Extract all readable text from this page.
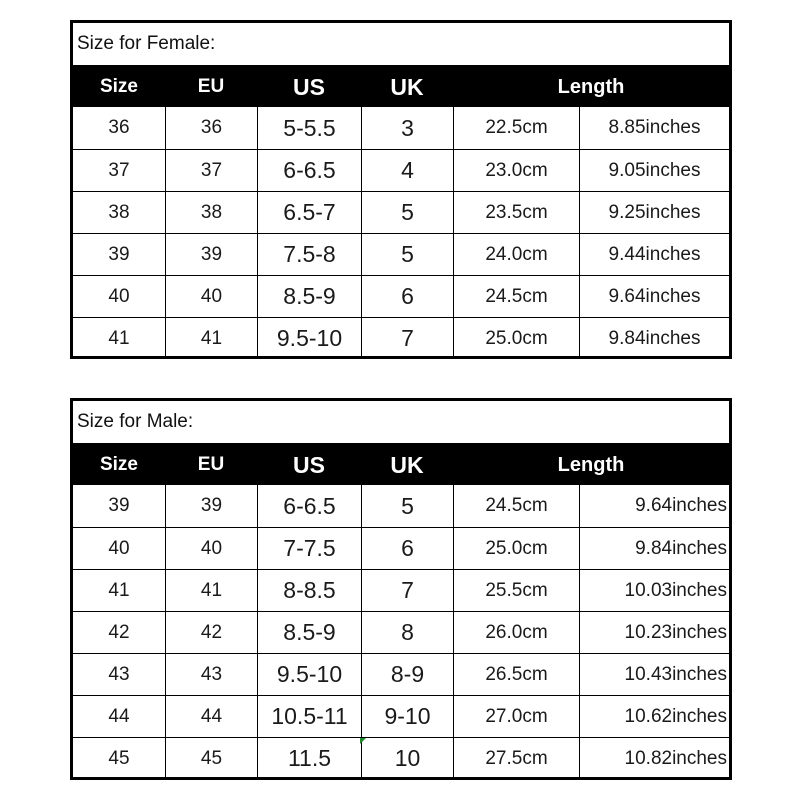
Size for Female:
Size	EU	US	UK	Length
36	36	5-5.5	3	22.5cm	8.85inches
37	37	6-6.5	4	23.0cm	9.05inches
38	38	6.5-7	5	23.5cm	9.25inches
39	39	7.5-8	5	24.0cm	9.44inches
40	40	8.5-9	6	24.5cm	9.64inches
41	41	9.5-10	7	25.0cm	9.84inches
Size for Male:
Size	EU	US	UK	Length
39	39	6-6.5	5	24.5cm	9.64inches
40	40	7-7.5	6	25.0cm	9.84inches
41	41	8-8.5	7	25.5cm	10.03inches
42	42	8.5-9	8	26.0cm	10.23inches
43	43	9.5-10	8-9	26.5cm	10.43inches
44	44	10.5-11	9-10	27.0cm	10.62inches
45	45	11.5	10	27.5cm	10.82inches
